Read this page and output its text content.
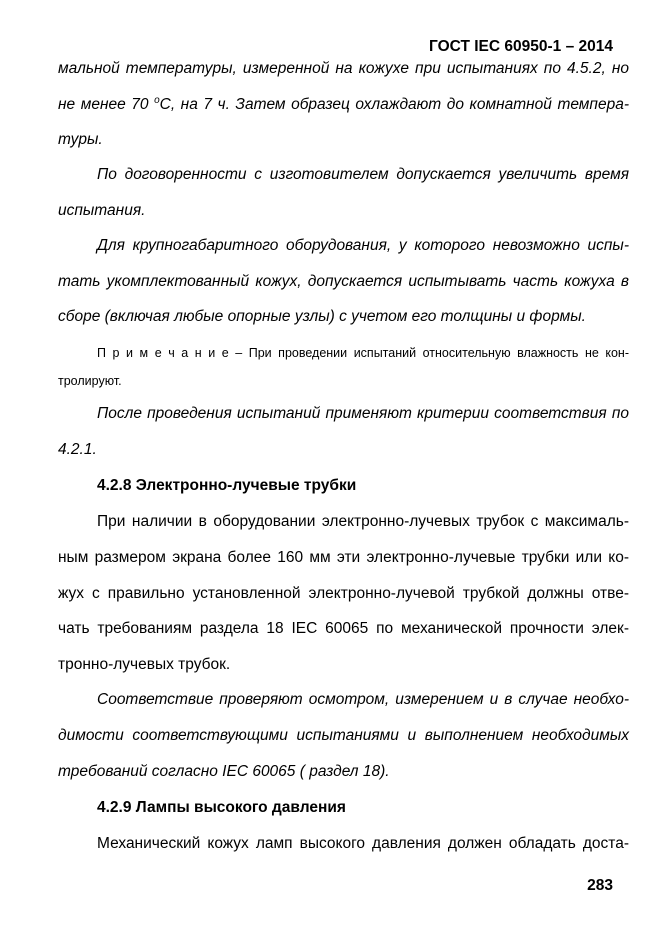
ГОСТ IEC 60950-1 – 2014
мальной температуры, измеренной на кожухе при испытаниях по 4.5.2, но
не менее 70 $^o$С, на 7 ч. Затем образец охлаждают до комнатной темпера-
туры.
По договоренности с изготовителем допускается увеличить время
испытания.
Для крупногабаритного оборудования, у которого невозможно испы-
тать укомплектованный кожух, допускается испытывать часть кожуха в
сборе (включая любые опорные узлы) с учетом его толщины и формы.
П р и м е ч а н и е – При проведении испытаний относительную влажность не кон-
тролируют.
После проведения испытаний применяют критерии соответствия по
4.2.1.
4.2.8 Электронно-лучевые трубки
При наличии в оборудовании электронно-лучевых трубок с максималь-
ным размером экрана более 160 мм эти электронно-лучевые трубки или ко-
жух с правильно установленной электронно-лучевой трубкой должны отве-
чать требованиям раздела 18 IEC 60065 по механической прочности элек-
тронно-лучевых трубок.
Соответствие проверяют осмотром, измерением и в случае необхо-
димости соответствующими испытаниями и выполнением необходимых
требований согласно IEC 60065 ( раздел 18).
4.2.9 Лампы высокого давления
Механический кожух ламп высокого давления должен обладать доста-
283
